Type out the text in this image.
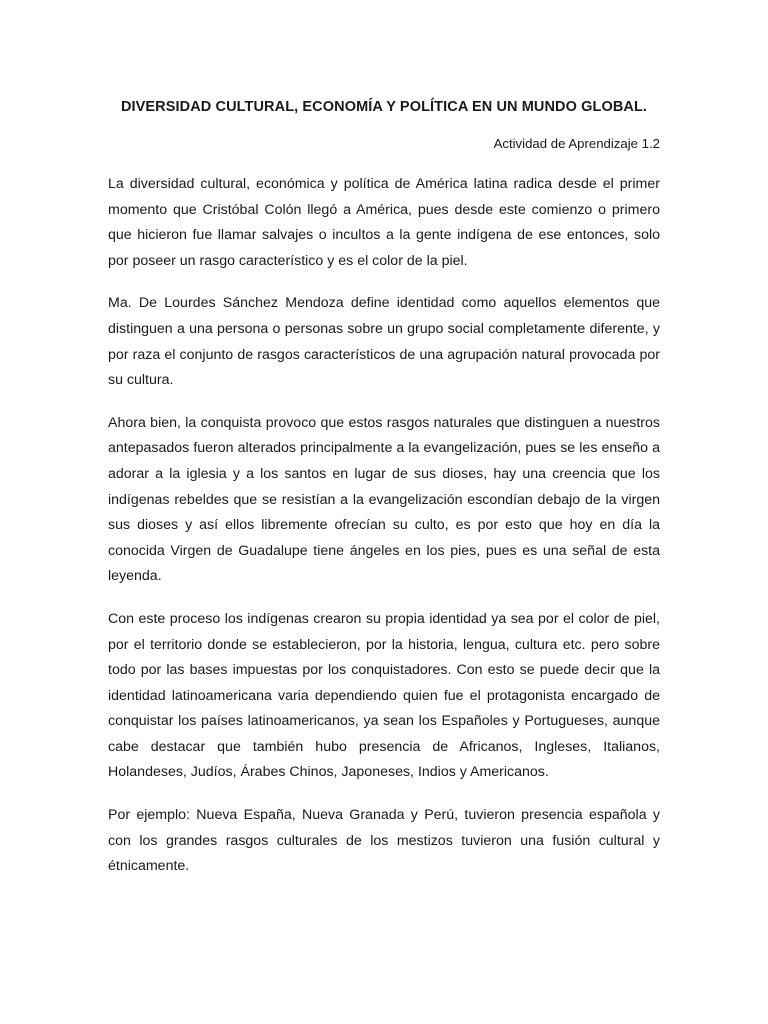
DIVERSIDAD CULTURAL, ECONOMÍA Y POLÍTICA EN UN MUNDO GLOBAL.
Actividad de Aprendizaje 1.2

La diversidad cultural, económica y política de América latina radica desde el primer momento que Cristóbal Colón llegó a América, pues desde este comienzo o primero que hicieron fue llamar salvajes o incultos a la gente indígena de ese entonces, solo por poseer un rasgo característico y es el color de la piel.

Ma. De Lourdes Sánchez Mendoza define identidad como aquellos elementos que distinguen a una persona o personas sobre un grupo social completamente diferente, y por raza el conjunto de rasgos característicos de una agrupación natural provocada por su cultura.

Ahora bien, la conquista provoco que estos rasgos naturales que distinguen a nuestros antepasados fueron alterados principalmente a la evangelización, pues se les enseño a adorar a la iglesia y a los santos en lugar de sus dioses, hay una creencia que los indígenas rebeldes que se resistían a la evangelización escondían debajo de la virgen sus dioses y así ellos libremente ofrecían su culto, es por esto que hoy en día la conocida Virgen de Guadalupe tiene ángeles en los pies, pues es una señal de esta leyenda.

Con este proceso los indígenas crearon su propia identidad ya sea por el color de piel, por el territorio donde se establecieron, por la historia, lengua, cultura etc. pero sobre todo por las bases impuestas por los conquistadores. Con esto se puede decir que la identidad latinoamericana varia dependiendo quien fue el protagonista encargado de conquistar los países latinoamericanos, ya sean los Españoles y Portugueses, aunque cabe destacar que también hubo presencia de Africanos, Ingleses, Italianos, Holandeses, Judíos, Árabes Chinos, Japoneses, Indios y Americanos.

Por ejemplo: Nueva España, Nueva Granada y Perú, tuvieron presencia española y con los grandes rasgos culturales de los mestizos tuvieron una fusión cultural y étnicamente.
